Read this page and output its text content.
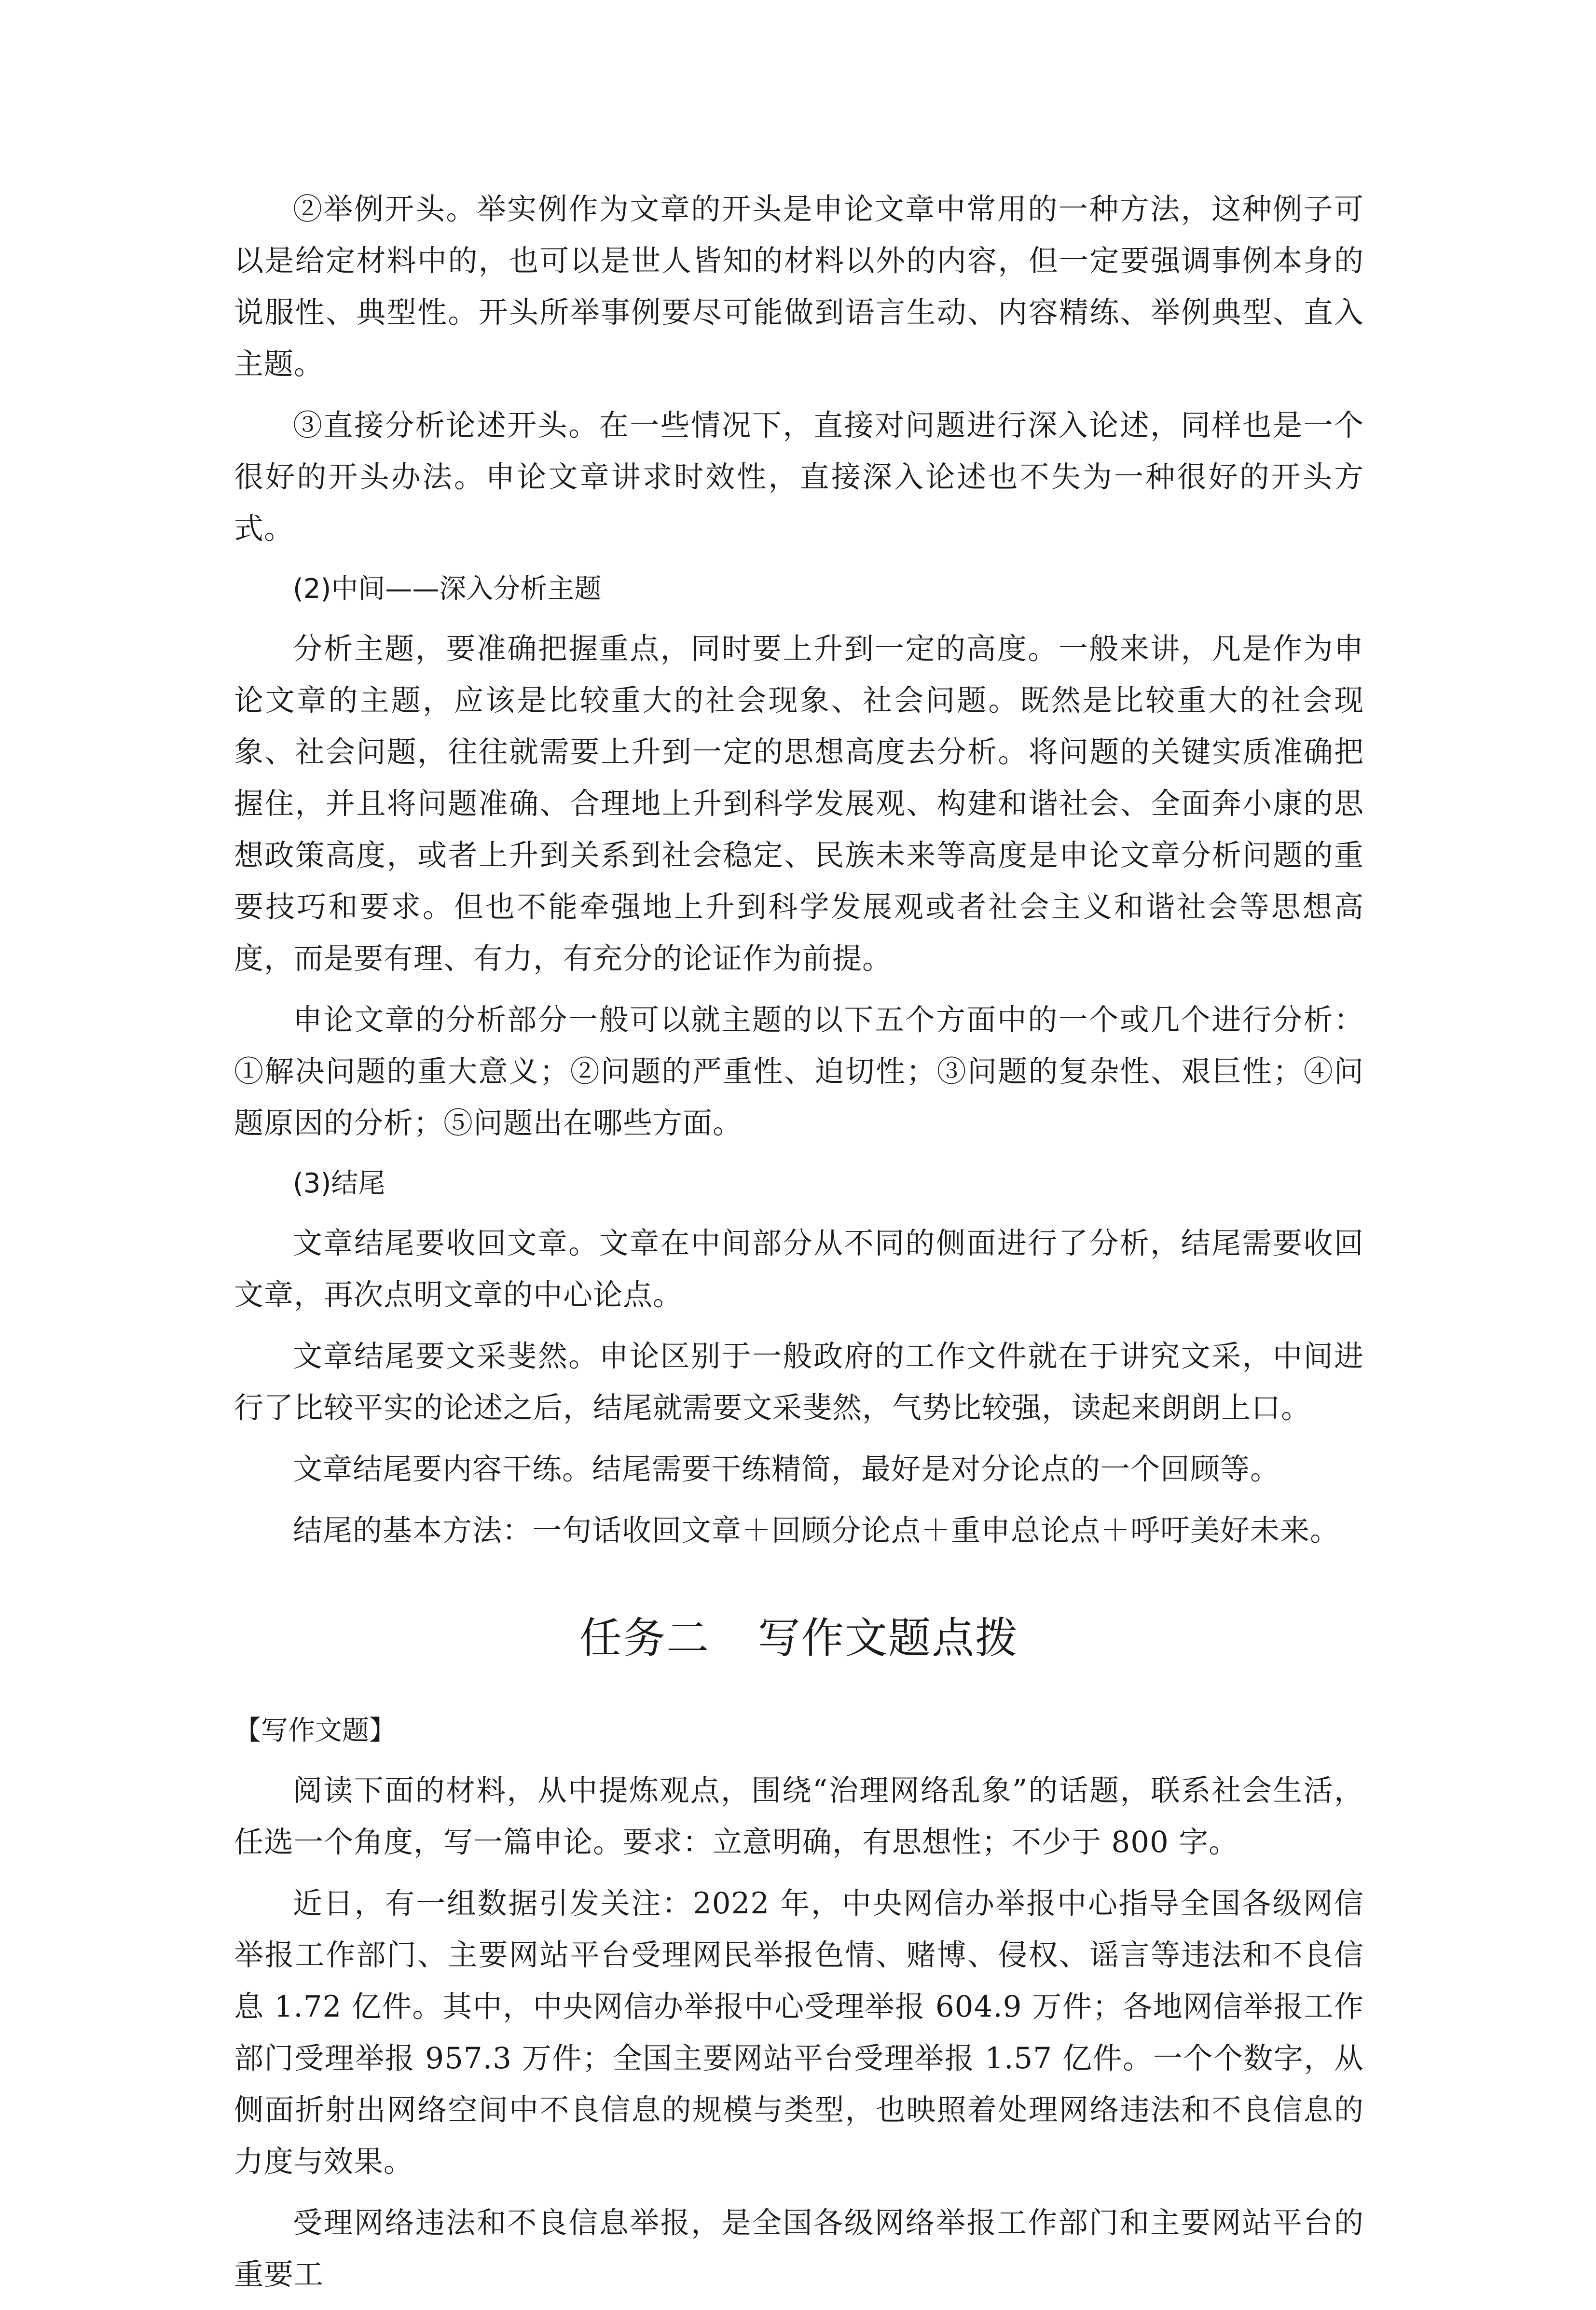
②举例开头。举实例作为文章的开头是申论文章中常用的一种方法，这种例子可以是给定材料中的，也可以是世人皆知的材料以外的内容，但一定要强调事例本身的说服性、典型性。开头所举事例要尽可能做到语言生动、内容精练、举例典型、直入主题。

③直接分析论述开头。在一些情况下，直接对问题进行深入论述，同样也是一个很好的开头办法。申论文章讲求时效性，直接深入论述也不失为一种很好的开头方式。

(2)中间——深入分析主题

分析主题，要准确把握重点，同时要上升到一定的高度。一般来讲，凡是作为申论文章的主题，应该是比较重大的社会现象、社会问题。既然是比较重大的社会现象、社会问题，往往就需要上升到一定的思想高度去分析。将问题的关键实质准确把握住，并且将问题准确、合理地上升到科学发展观、构建和谐社会、全面奔小康的思想政策高度，或者上升到关系到社会稳定、民族未来等高度是申论文章分析问题的重要技巧和要求。但也不能牵强地上升到科学发展观或者社会主义和谐社会等思想高度，而是要有理、有力，有充分的论证作为前提。

申论文章的分析部分一般可以就主题的以下五个方面中的一个或几个进行分析：①解决问题的重大意义；②问题的严重性、迫切性；③问题的复杂性、艰巨性；④问题原因的分析；⑤问题出在哪些方面。

(3)结尾

文章结尾要收回文章。文章在中间部分从不同的侧面进行了分析，结尾需要收回文章，再次点明文章的中心论点。

文章结尾要文采斐然。申论区别于一般政府的工作文件就在于讲究文采，中间进行了比较平实的论述之后，结尾就需要文采斐然，气势比较强，读起来朗朗上口。

文章结尾要内容干练。结尾需要干练精简，最好是对分论点的一个回顾等。

结尾的基本方法：一句话收回文章＋回顾分论点＋重申总论点＋呼吁美好未来。

任务二 写作文题点拨

【写作文题】

阅读下面的材料，从中提炼观点，围绕“治理网络乱象”的话题，联系社会生活，任选一个角度，写一篇申论。要求：立意明确，有思想性；不少于 800 字。

近日，有一组数据引发关注：2022 年，中央网信办举报中心指导全国各级网信举报工作部门、主要网站平台受理网民举报色情、赌博、侵权、谣言等违法和不良信息 1.72 亿件。其中，中央网信办举报中心受理举报 604.9 万件；各地网信举报工作部门受理举报 957.3 万件；全国主要网站平台受理举报 1.57 亿件。一个个数字，从侧面折射出网络空间中不良信息的规模与类型，也映照着处理网络违法和不良信息的力度与效果。

受理网络违法和不良信息举报，是全国各级网络举报工作部门和主要网站平台的重要工
